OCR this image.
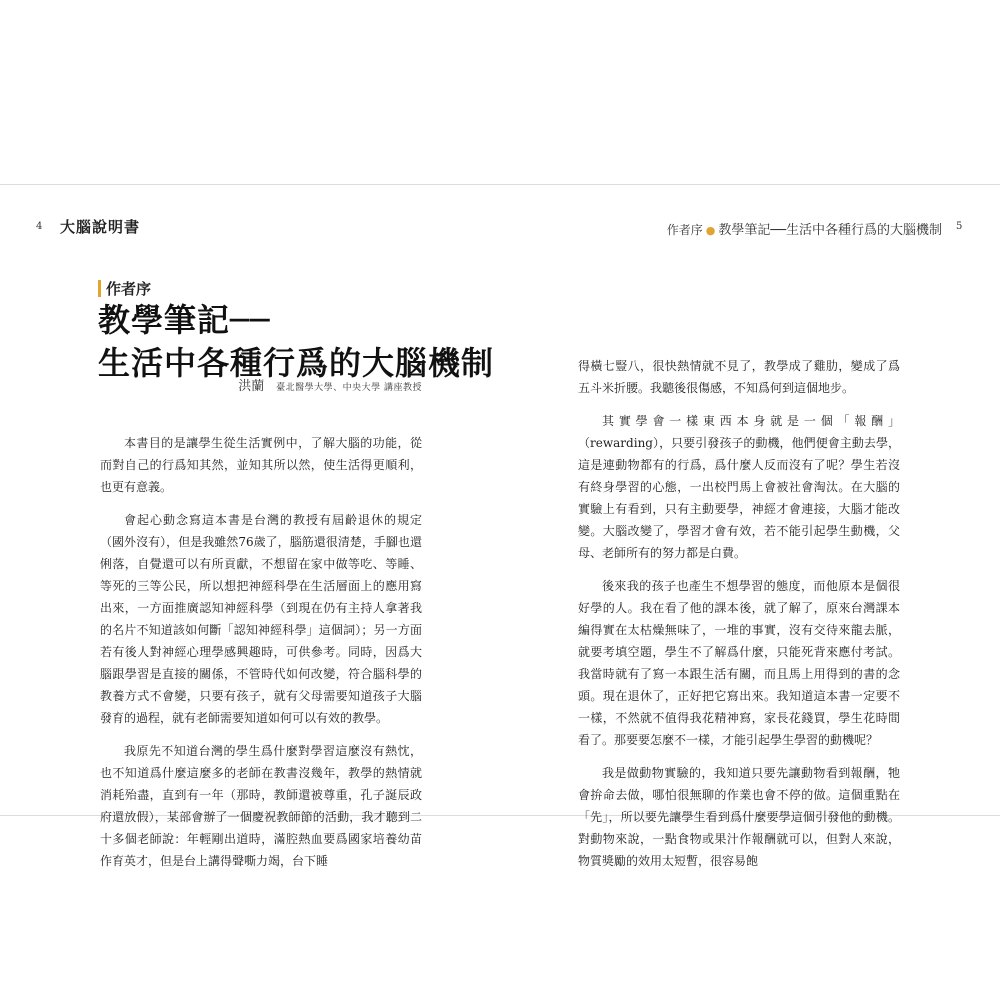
4 大腦說明書	作者序 ● 教學筆記──生活中各種行爲的大腦機制 5
作者序
教學筆記──
生活中各種行爲的大腦機制
洪蘭 臺北醫學大學、中央大學 講座教授

本書目的是讓學生從生活實例中，了解大腦的功能，從而對自己的行爲知其然，並知其所以然，使生活得更順利，也更有意義。

會起心動念寫這本書是台灣的教授有屆齡退休的規定（國外沒有），但是我雖然76歲了，腦筋還很清楚，手腳也還俐落，自覺還可以有所貢獻，不想留在家中做等吃、等睡、等死的三等公民，所以想把神經科學在生活層面上的應用寫出來，一方面推廣認知神經科學（到現在仍有主持人拿著我的名片不知道該如何斷「認知神經科學」這個詞）；另一方面若有後人對神經心理學感興趣時，可供參考。同時，因爲大腦跟學習是直接的關係，不管時代如何改變，符合腦科學的教養方式不會變，只要有孩子，就有父母需要知道孩子大腦發育的過程，就有老師需要知道如何可以有效的教學。

我原先不知道台灣的學生爲什麼對學習這麼沒有熱忱，也不知道爲什麼這麼多的老師在教書沒幾年，教學的熱情就消耗殆盡，直到有一年（那時，教師還被尊重，孔子誕辰政府還放假），某部會辦了一個慶祝教師節的活動，我才聽到二十多個老師說：年輕剛出道時，滿腔熱血要爲國家培養幼苗作育英才，但是台上講得聲嘶力竭，台下睡

得橫七豎八，很快熱情就不見了，教學成了雞肋，變成了爲五斗米折腰。我聽後很傷感，不知爲何到這個地步。

其實學會一樣東西本身就是一個「報酬」（rewarding），只要引發孩子的動機，他們便會主動去學，這是連動物都有的行爲，爲什麼人反而沒有了呢？學生若沒有終身學習的心態，一出校門馬上會被社會淘汰。在大腦的實驗上有看到，只有主動要學，神經才會連接，大腦才能改變。大腦改變了，學習才會有效，若不能引起學生動機，父母、老師所有的努力都是白費。

後來我的孩子也產生不想學習的態度，而他原本是個很好學的人。我在看了他的課本後，就了解了，原來台灣課本編得實在太枯燥無味了，一堆的事實，沒有交待來龍去脈，就要考填空題，學生不了解爲什麼，只能死背來應付考試。我當時就有了寫一本跟生活有關，而且馬上用得到的書的念頭。現在退休了，正好把它寫出來。我知道這本書一定要不一樣，不然就不值得我花精神寫，家長花錢買，學生花時間看了。那要要怎麼不一樣，才能引起學生學習的動機呢？

我是做動物實驗的，我知道只要先讓動物看到報酬，牠會拚命去做，哪怕很無聊的作業也會不停的做。這個重點在「先」，所以要先讓學生看到爲什麼要學這個引發他的動機。對動物來說，一點食物或果汁作報酬就可以，但對人來說，物質獎勵的效用太短暫，很容易飽
